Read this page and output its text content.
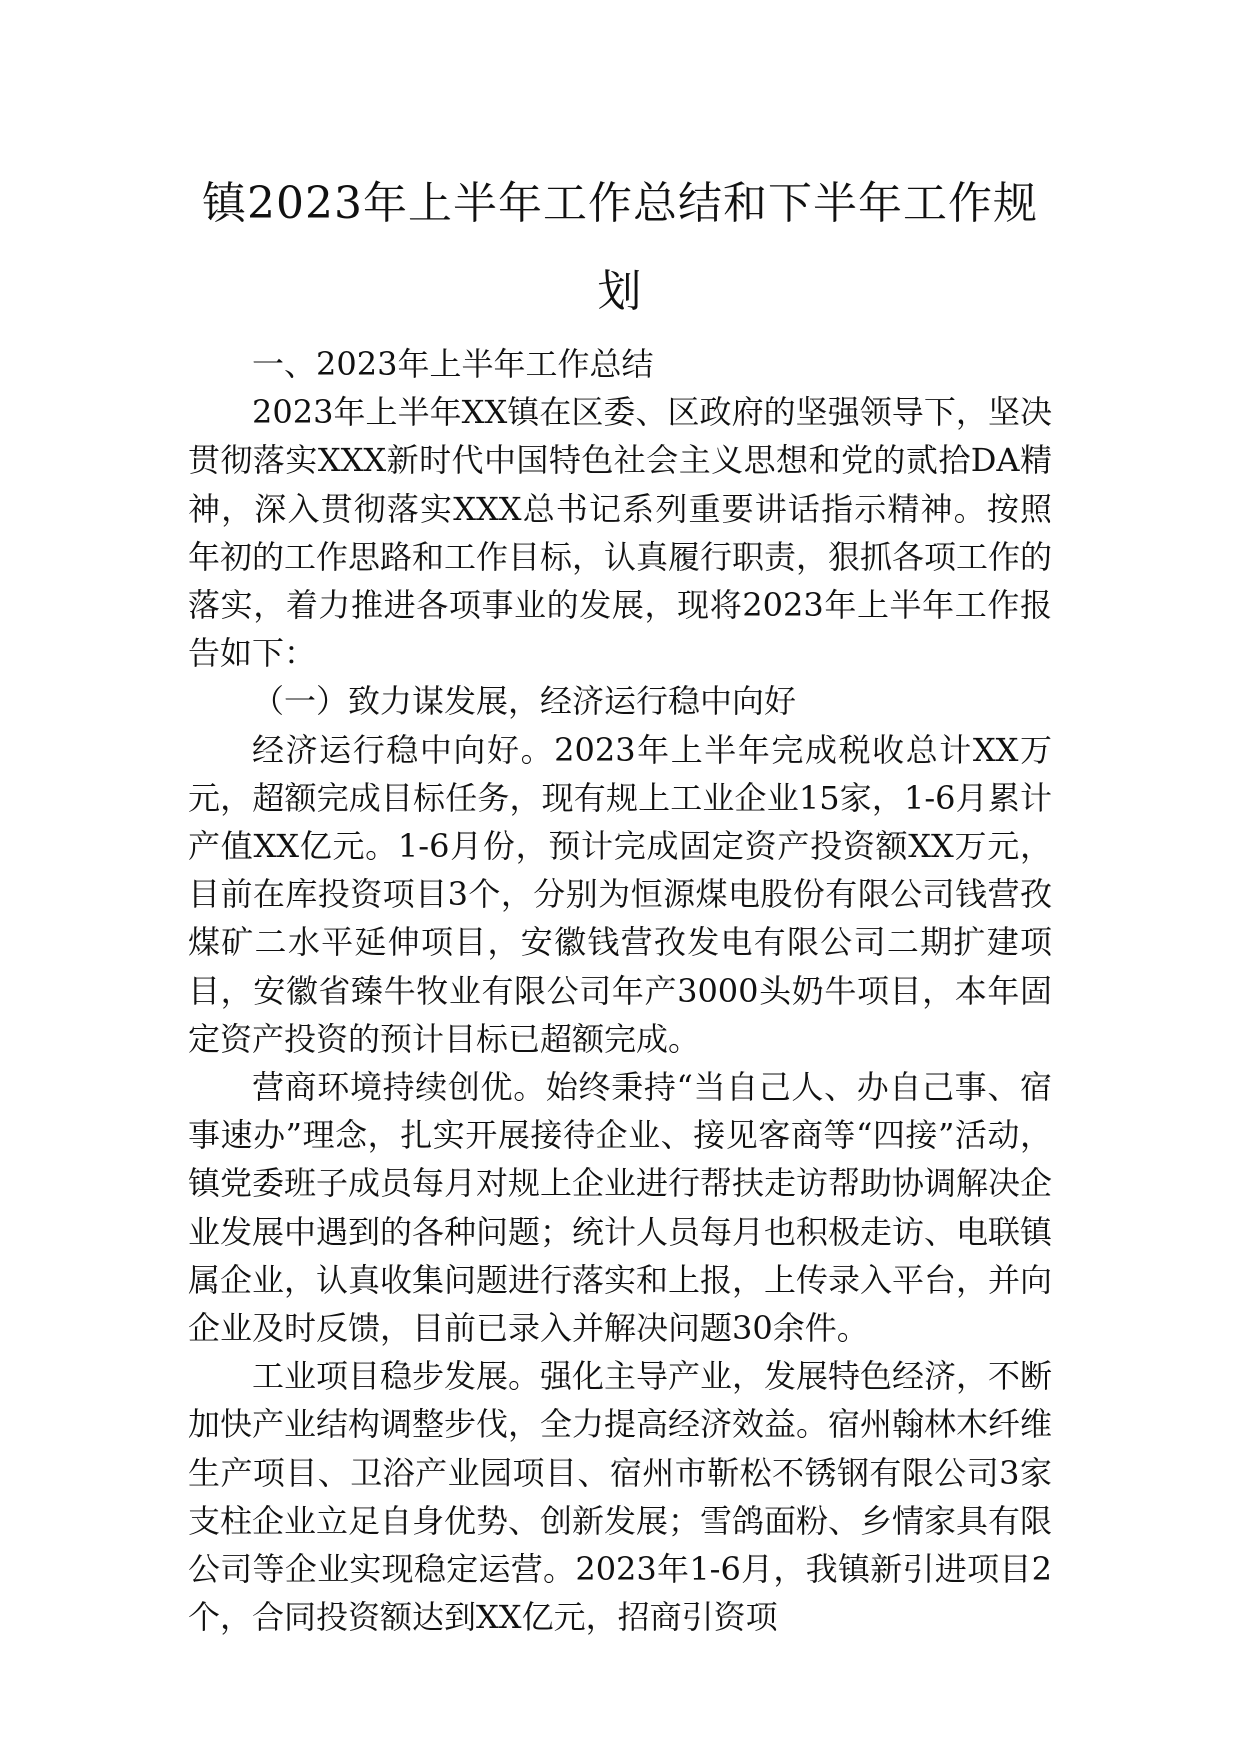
镇2023年上半年工作总结和下半年工作规划

一、2023年上半年工作总结

2023年上半年XX镇在区委、区政府的坚强领导下，坚决贯彻落实XXX新时代中国特色社会主义思想和党的贰拾DA精神，深入贯彻落实XXX总书记系列重要讲话指示精神。按照年初的工作思路和工作目标，认真履行职责，狠抓各项工作的落实，着力推进各项事业的发展，现将2023年上半年工作报告如下：

（一）致力谋发展，经济运行稳中向好

经济运行稳中向好。2023年上半年完成税收总计XX万元，超额完成目标任务，现有规上工业企业15家，1-6月累计产值XX亿元。1-6月份，预计完成固定资产投资额XX万元，目前在库投资项目3个，分别为恒源煤电股份有限公司钱营孜煤矿二水平延伸项目，安徽钱营孜发电有限公司二期扩建项目，安徽省臻牛牧业有限公司年产3000头奶牛项目，本年固定资产投资的预计目标已超额完成。

营商环境持续创优。始终秉持“当自己人、办自己事、宿事速办”理念，扎实开展接待企业、接见客商等“四接”活动，镇党委班子成员每月对规上企业进行帮扶走访帮助协调解决企业发展中遇到的各种问题；统计人员每月也积极走访、电联镇属企业，认真收集问题进行落实和上报，上传录入平台，并向企业及时反馈，目前已录入并解决问题30余件。

工业项目稳步发展。强化主导产业，发展特色经济，不断加快产业结构调整步伐，全力提高经济效益。宿州翰林木纤维生产项目、卫浴产业园项目、宿州市靳松不锈钢有限公司3家支柱企业立足自身优势、创新发展；雪鸽面粉、乡情家具有限公司等企业实现稳定运营。2023年1-6月，我镇新引进项目2个，合同投资额达到XX亿元，招商引资项
